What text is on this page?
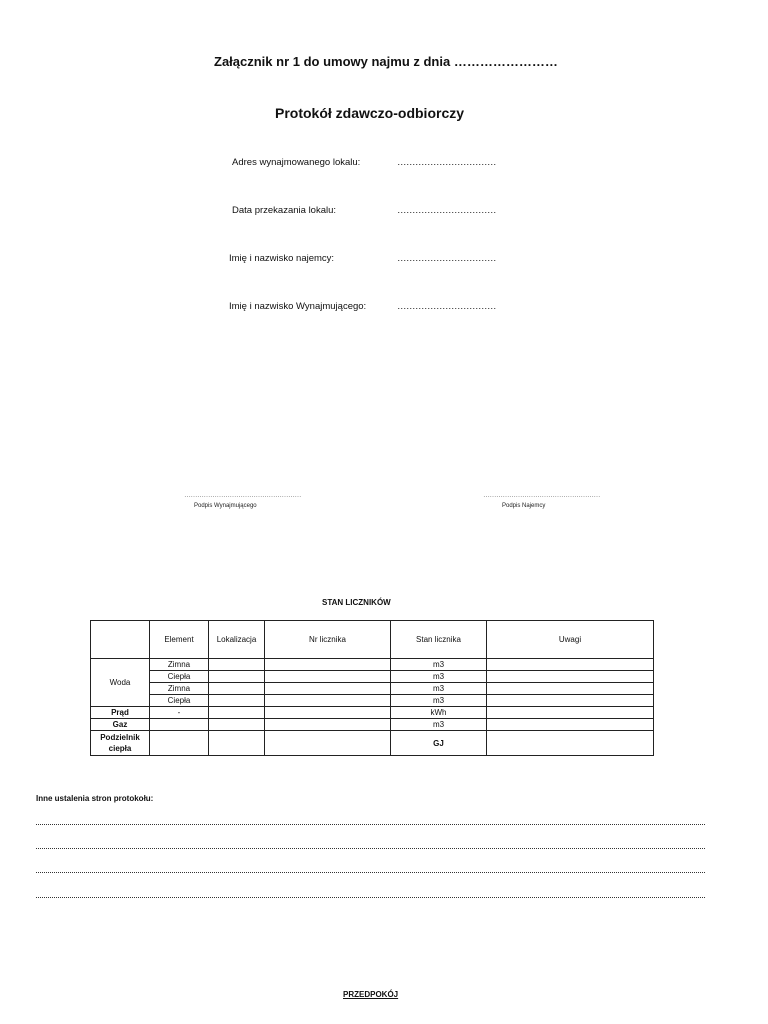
Załącznik nr 1 do umowy najmu z dnia ……………………
Protokół zdawczo-odbiorczy
Adres wynajmowanego lokalu:	……………………………
Data przekazania lokalu:	……………………………
Imię i nazwisko najemcy:	……………………………
Imię i nazwisko Wynajmującego:	……………………………
………………………………………………
Podpis Wynajmującego
………………………………………………
Podpis Najemcy
STAN LICZNIKÓW
	Element	Lokalizacja	Nr licznika	Stan licznika	Uwagi
Woda	Zimna			m3	
	Ciepła			m3	
	Zimna			m3	
	Ciepła			m3	
Prąd	-			kWh	
Gaz				m3	
Podzielnik ciepła				GJ	
Inne ustalenia stron protokołu:
PRZEDPOKÓJ
